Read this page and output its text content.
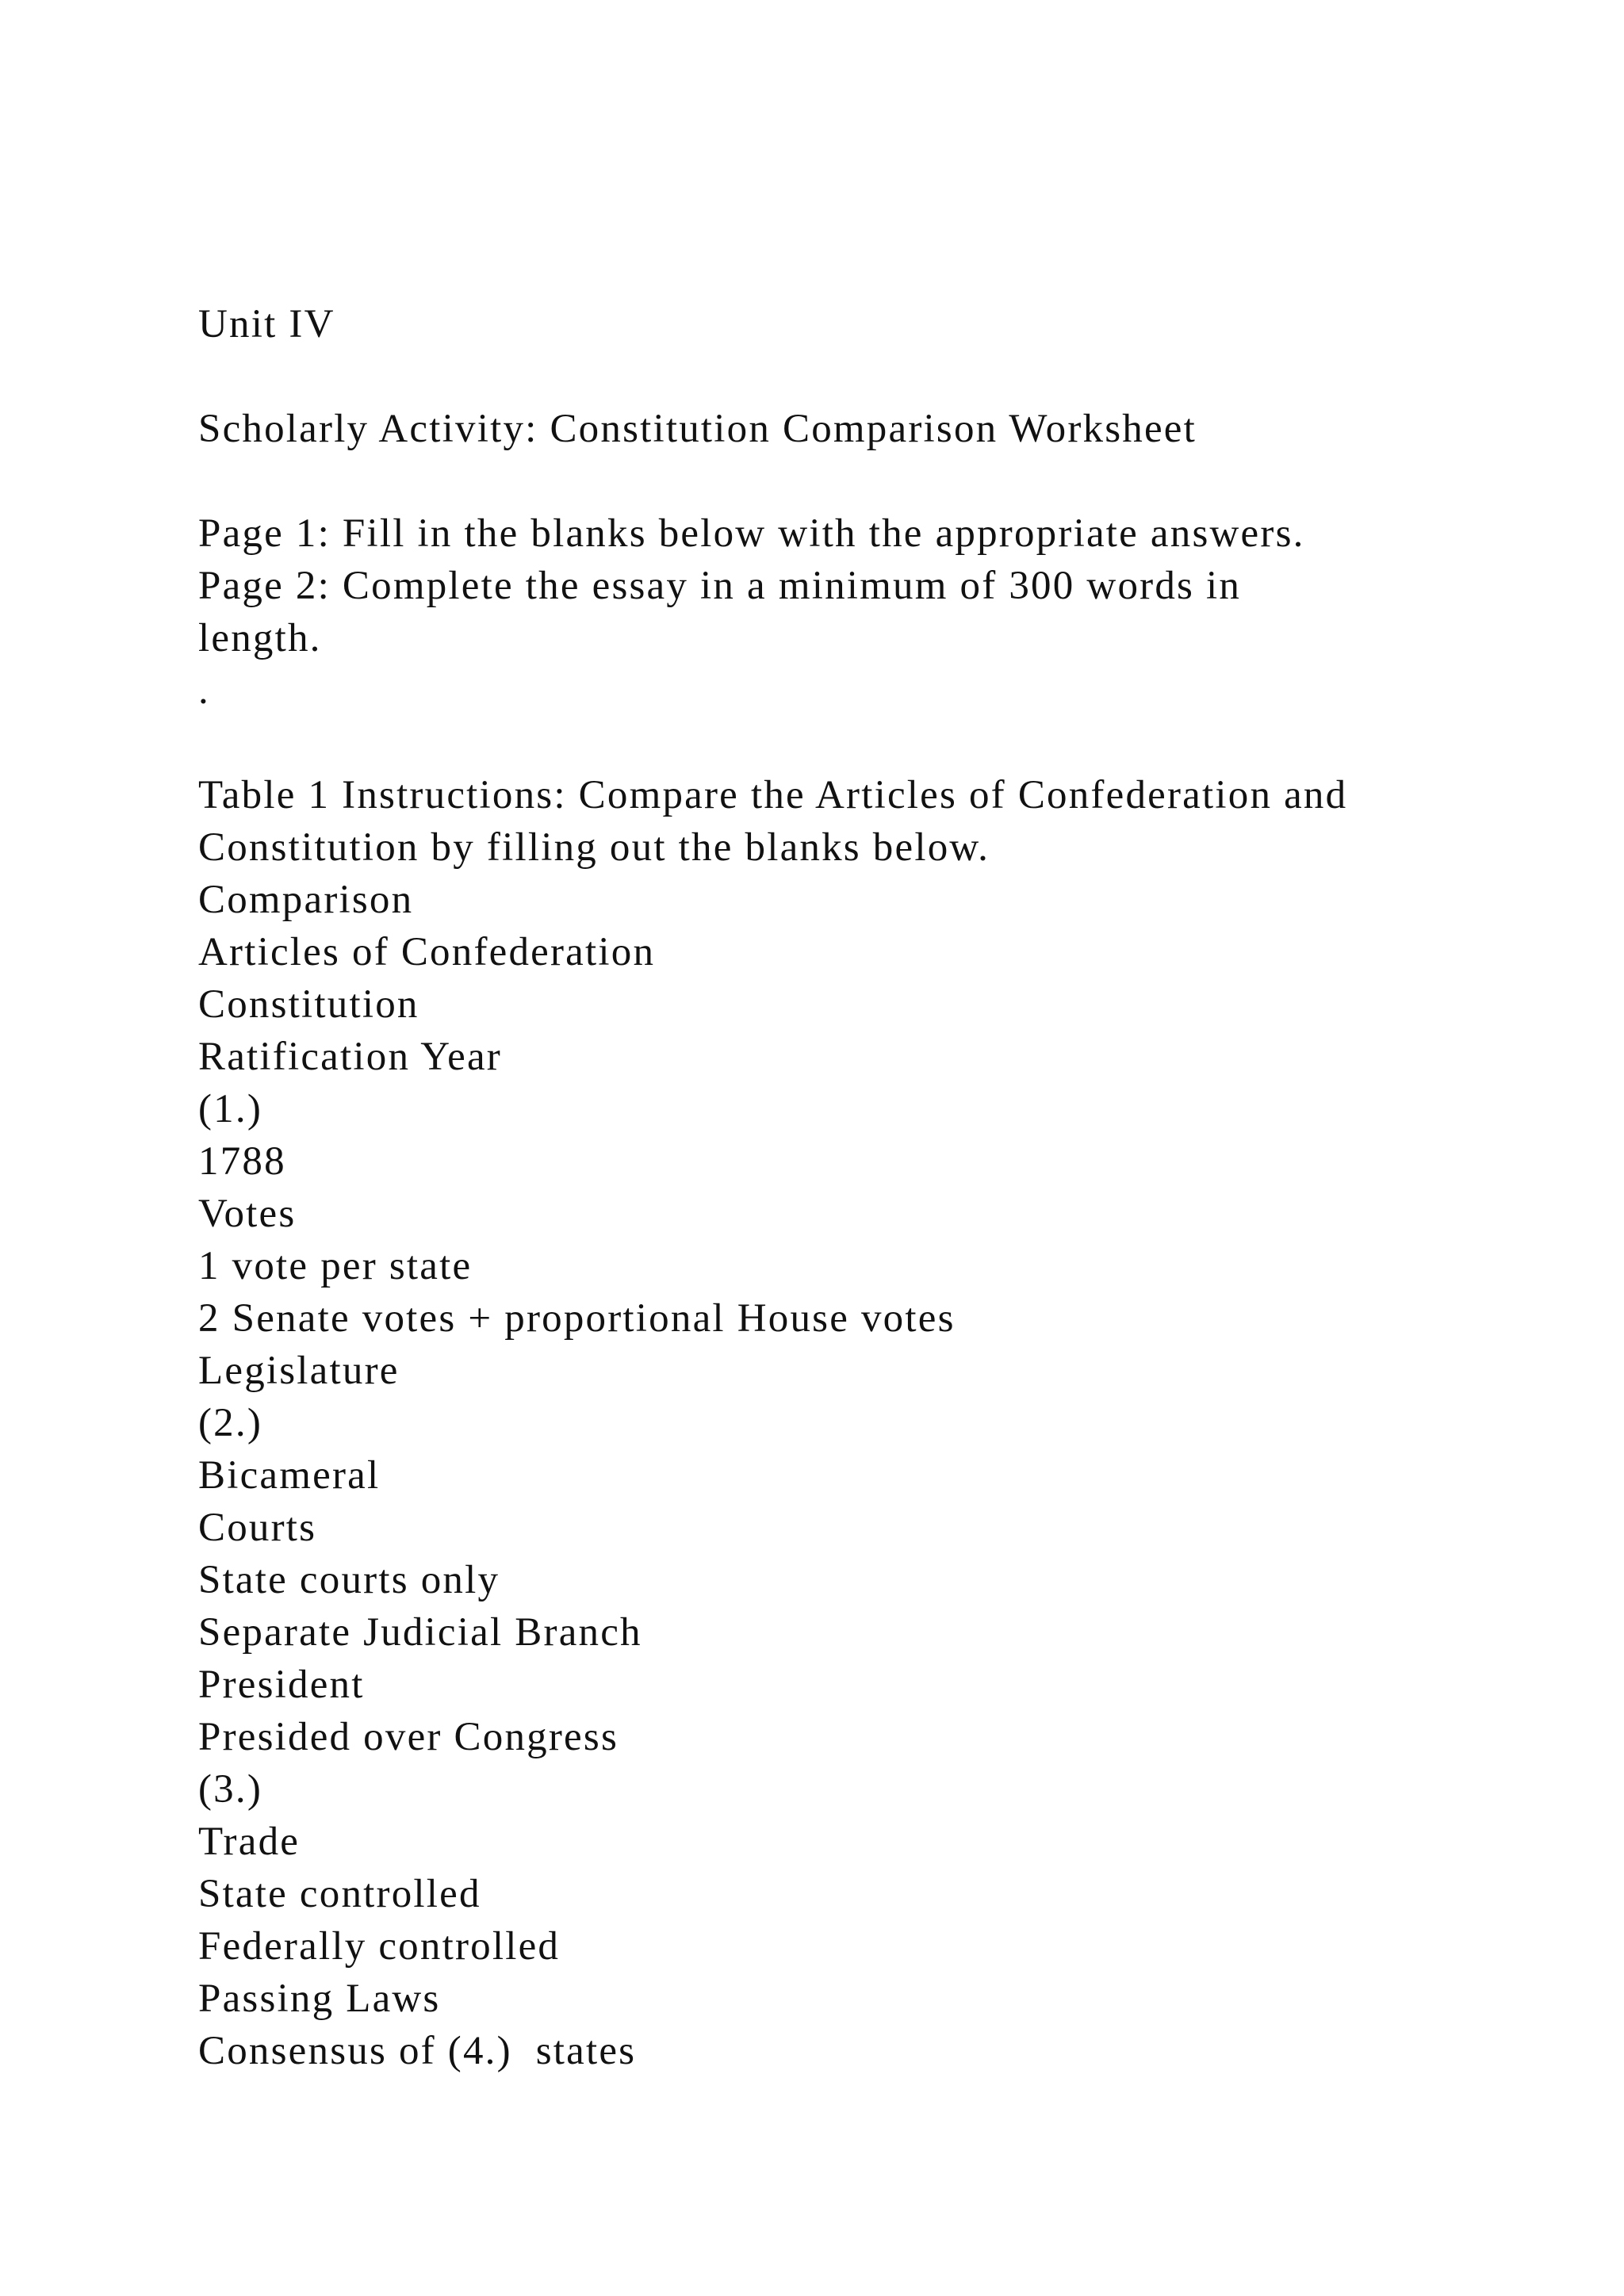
Unit IV
Scholarly Activity: Constitution Comparison Worksheet
Page 1: Fill in the blanks below with the appropriate answers.
Page 2: Complete the essay in a minimum of 300 words in
length.
.
Table 1 Instructions: Compare the Articles of Confederation and
Constitution by filling out the blanks below.
Comparison
Articles of Confederation
Constitution
Ratification Year
(1.)
1788
Votes
1 vote per state
2 Senate votes + proportional House votes
Legislature
(2.)
Bicameral
Courts
State courts only
Separate Judicial Branch
President
Presided over Congress
(3.)
Trade
State controlled
Federally controlled
Passing Laws
Consensus of (4.)  states
